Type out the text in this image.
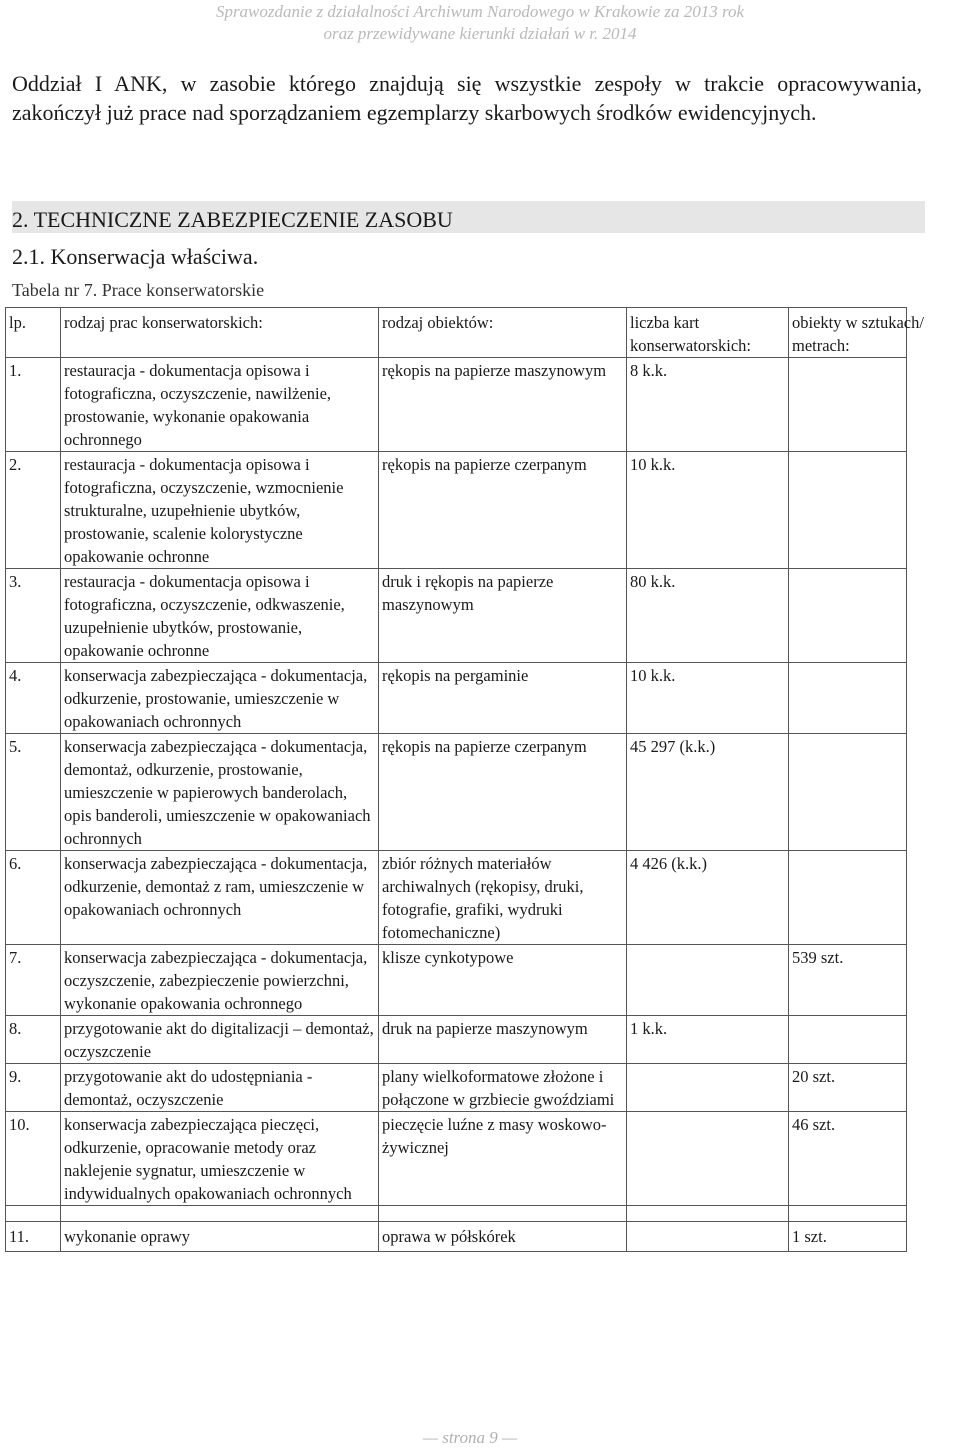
Sprawozdanie z działalności Archiwum Narodowego w Krakowie za 2013 rok
oraz przewidywane kierunki działań w r. 2014
Oddział I ANK, w zasobie którego znajdują się wszystkie zespoły w trakcie opracowywania, zakończył już prace nad sporządzaniem egzemplarzy skarbowych środków ewidencyjnych.
2. TECHNICZNE ZABEZPIECZENIE ZASOBU
2.1. Konserwacja właściwa.
Tabela nr 7. Prace konserwatorskie
lp.	rodzaj prac konserwatorskich:	rodzaj obiektów:	liczba kart konserwatorskich:	obiekty w sztukach/ metrach:

1.	restauracja - dokumentacja opisowa i fotograficzna, oczyszczenie, nawilżenie, prostowanie, wykonanie opakowania ochronnego	rękopis na papierze maszynowym	8 k.k.	
2.	restauracja - dokumentacja opisowa i fotograficzna, oczyszczenie, wzmocnienie strukturalne, uzupełnienie ubytków, prostowanie, scalenie kolorystyczne opakowanie ochronne	rękopis na papierze czerpanym	10 k.k.	
3.	restauracja - dokumentacja opisowa i fotograficzna, oczyszczenie, odkwaszenie, uzupełnienie ubytków, prostowanie, opakowanie ochronne	druk i rękopis na papierze maszynowym	80 k.k.	
4.	konserwacja zabezpieczająca - dokumentacja, odkurzenie, prostowanie, umieszczenie w opakowaniach ochronnych	rękopis na pergaminie	10 k.k.	
5.	konserwacja zabezpieczająca - dokumentacja, demontaż, odkurzenie, prostowanie, umieszczenie w papierowych banderolach, opis banderoli, umieszczenie w opakowaniach ochronnych	rękopis na papierze czerpanym	45 297 (k.k.)	
6.	konserwacja zabezpieczająca - dokumentacja, odkurzenie, demontaż z ram, umieszczenie w opakowaniach ochronnych	zbiór różnych materiałów archiwalnych (rękopisy, druki, fotografie, grafiki, wydruki fotomechaniczne)	4 426 (k.k.)	
7.	konserwacja zabezpieczająca - dokumentacja, oczyszczenie, zabezpieczenie powierzchni, wykonanie opakowania ochronnego	klisze cynkotypowe		539 szt.
8.	przygotowanie akt do digitalizacji – demontaż, oczyszczenie	druk na papierze maszynowym	1 k.k.	
9.	przygotowanie akt do udostępniania - demontaż, oczyszczenie	plany wielkoformatowe złożone i połączone w grzbiecie gwoździami		20 szt.
10.	konserwacja zabezpieczająca pieczęci, odkurzenie, opracowanie metody oraz naklejenie sygnatur, umieszczenie w indywidualnych opakowaniach ochronnych	pieczęcie luźne z masy woskowo-żywicznej		46 szt.

11.	wykonanie oprawy	oprawa w półskórek		1 szt.
— strona 9 —
